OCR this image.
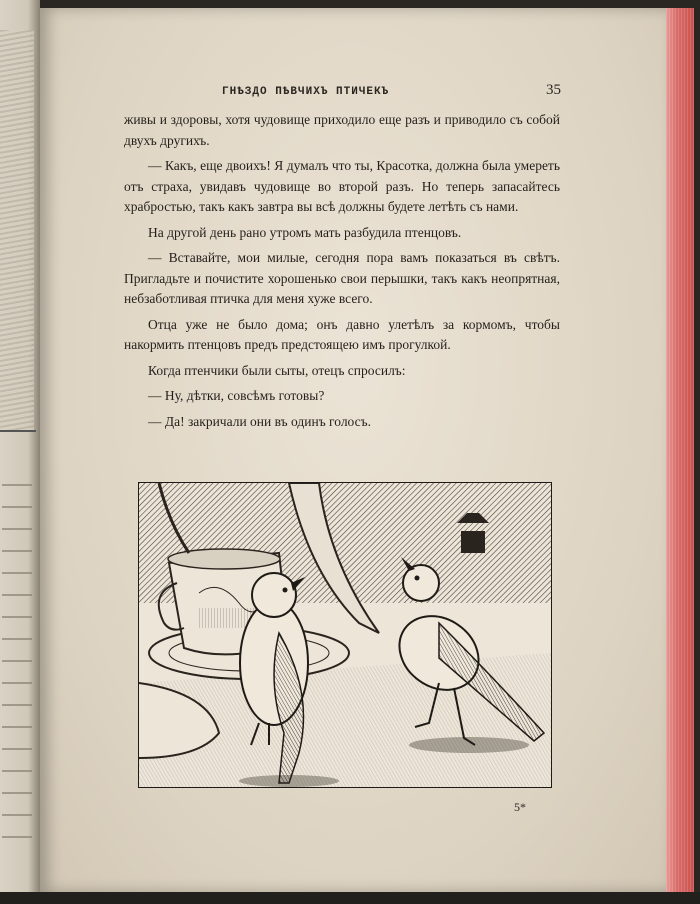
ГНѢЗДО ПѢВЧИХЪ ПТИЧЕКЪ	35

живы и здоровы, хотя чудовище приходило еще разъ и приводило съ собой двухъ другихъ.

— Какъ, еще двоихъ! Я думалъ что ты, Красотка, должна была умереть отъ страха, увидавъ чудовище во второй разъ. Но теперь запасайтесь храбростью, такъ какъ завтра вы всѣ должны будете летѣть съ нами.

На другой день рано утромъ мать разбудила птенцовъ.

— Вставайте, мои милые, сегодня пора вамъ показаться въ свѣтъ. Пригладьте и почистите хорошенько свои перышки, такъ какъ неопрятная, небзаботливая птичка для меня хуже всего.

Отца уже не было дома; онъ давно улетѣлъ за кормомъ, чтобы накормить птенцовъ предъ предстоящею имъ прогулкой.

Когда птенчики были сыты, отецъ спросилъ:

— Ну, дѣтки, совсѣмъ готовы?

— Да! закричали они въ одинъ голосъ.

5*
